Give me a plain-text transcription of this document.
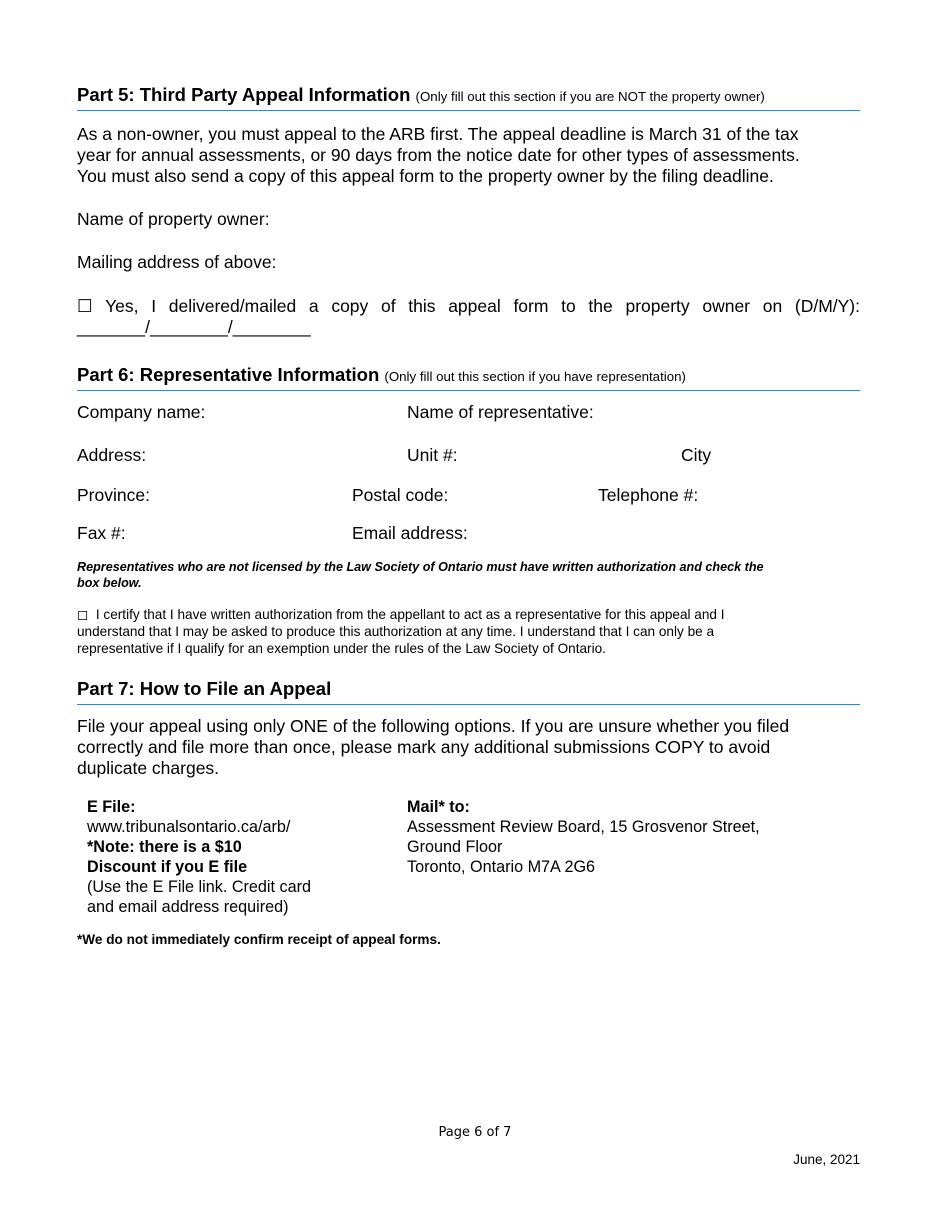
Part 5: Third Party Appeal Information (Only fill out this section if you are NOT the property owner)
As a non-owner, you must appeal to the ARB first. The appeal deadline is March 31 of the tax
year for annual assessments, or 90 days from the notice date for other types of assessments.
You must also send a copy of this appeal form to the property owner by the filing deadline.
Name of property owner:
Mailing address of above:
☐ Yes, I delivered/mailed a copy of this appeal form to the property owner on (D/M/Y):
_______/________/________
Part 6: Representative Information (Only fill out this section if you have representation)
Company name:	Name of representative:
Address:	Unit #:	City
Province:	Postal code:	Telephone #:
Fax #:	Email address:
Representatives who are not licensed by the Law Society of Ontario must have written authorization and check the
box below.
◻ I certify that I have written authorization from the appellant to act as a representative for this appeal and I
understand that I may be asked to produce this authorization at any time. I understand that I can only be a
representative if I qualify for an exemption under the rules of the Law Society of Ontario.
Part 7: How to File an Appeal
File your appeal using only ONE of the following options. If you are unsure whether you filed
correctly and file more than once, please mark any additional submissions COPY to avoid
duplicate charges.
E File:
www.tribunalsontario.ca/arb/
*Note: there is a $10
Discount if you E file
(Use the E File link. Credit card
and email address required)
Mail* to:
Assessment Review Board, 15 Grosvenor Street,
Ground Floor
Toronto, Ontario M7A 2G6
*We do not immediately confirm receipt of appeal forms.
Page 6 of 7
June, 2021
